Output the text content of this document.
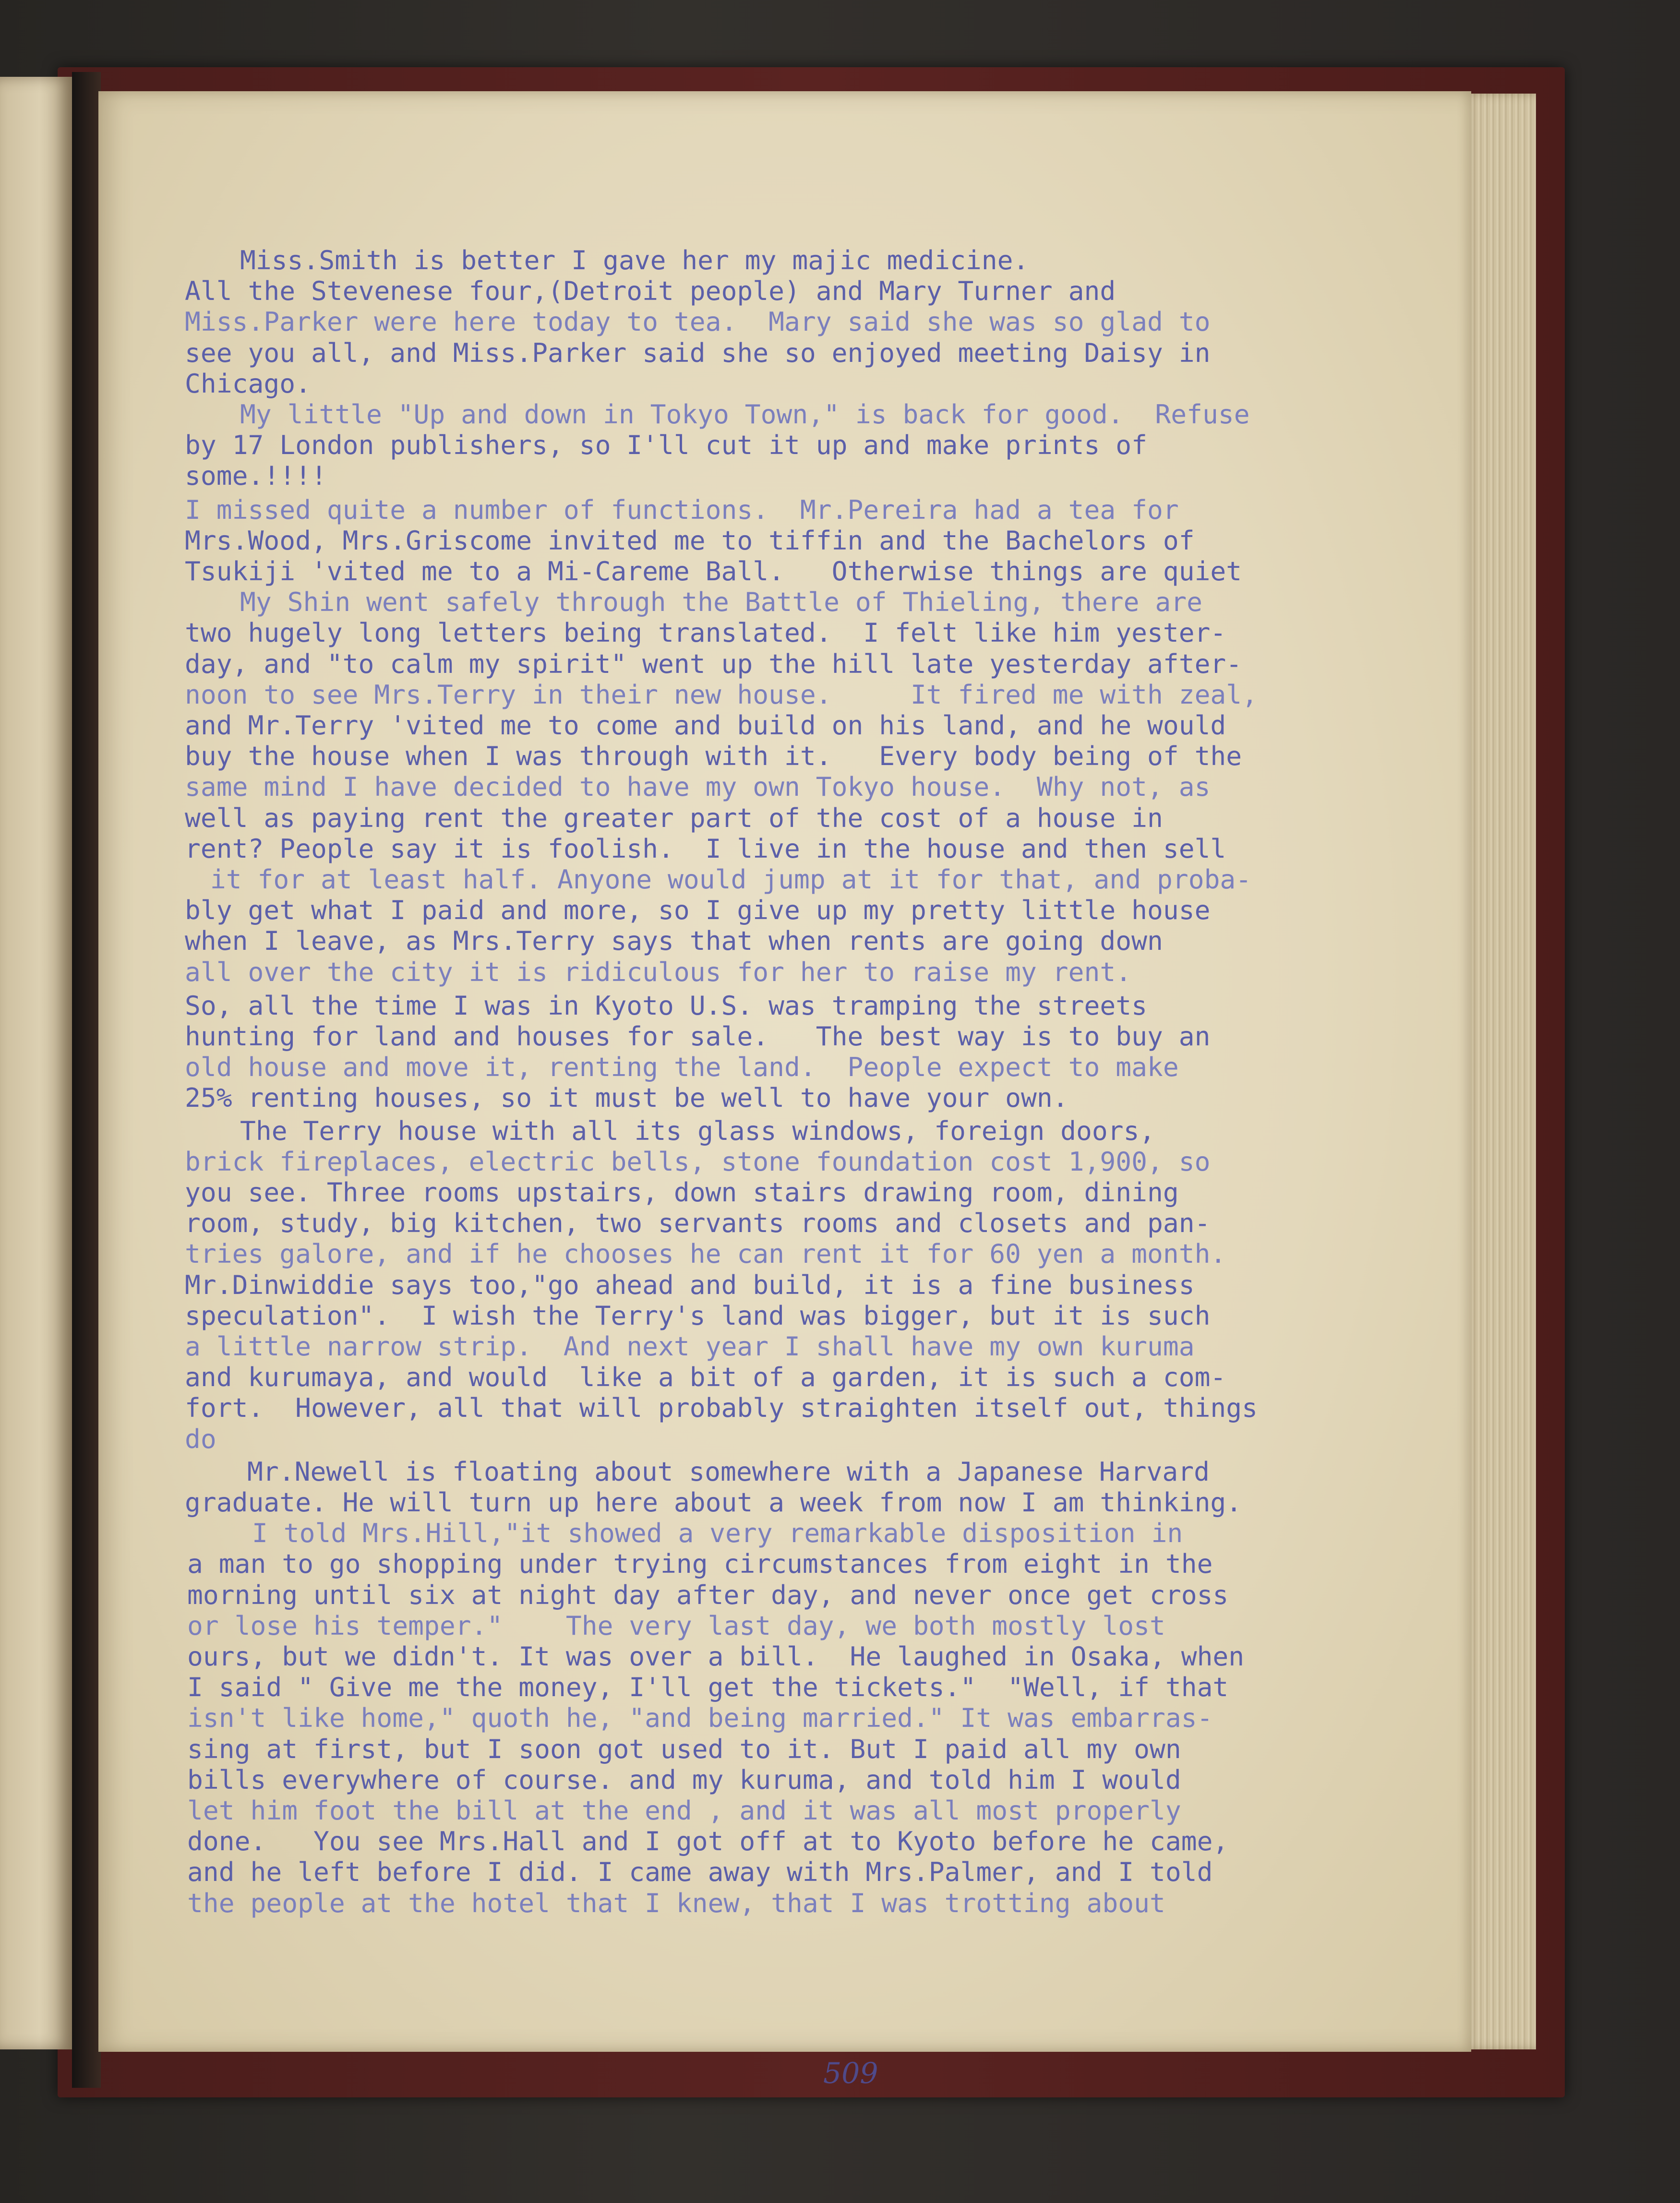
Miss.Smith is better I gave her my majic medicine.
All the Stevenese four,(Detroit people) and Mary Turner and
Miss.Parker were here today to tea.  Mary said she was so glad to
see you all, and Miss.Parker said she so enjoyed meeting Daisy in
Chicago.
My little "Up and down in Tokyo Town," is back for good.  Refuse
by 17 London publishers, so I'll cut it up and make prints of
some.!!!!
I missed quite a number of functions.  Mr.Pereira had a tea for
Mrs.Wood, Mrs.Griscome invited me to tiffin and the Bachelors of
Tsukiji 'vited me to a Mi-Careme Ball.   Otherwise things are quiet
My Shin went safely through the Battle of Thieling, there are
two hugely long letters being translated.  I felt like him yester-
day, and "to calm my spirit" went up the hill late yesterday after-
noon to see Mrs.Terry in their new house.     It fired me with zeal,
and Mr.Terry 'vited me to come and build on his land, and he would
buy the house when I was through with it.   Every body being of the
same mind I have decided to have my own Tokyo house.  Why not, as
well as paying rent the greater part of the cost of a house in
rent? People say it is foolish.  I live in the house and then sell
it for at least half. Anyone would jump at it for that, and proba-
bly get what I paid and more, so I give up my pretty little house
when I leave, as Mrs.Terry says that when rents are going down
all over the city it is ridiculous for her to raise my rent.
So, all the time I was in Kyoto U.S. was tramping the streets
hunting for land and houses for sale.   The best way is to buy an
old house and move it, renting the land.  People expect to make
25% renting houses, so it must be well to have your own.
The Terry house with all its glass windows, foreign doors,
brick fireplaces, electric bells, stone foundation cost 1,900, so
you see. Three rooms upstairs, down stairs drawing room, dining
room, study, big kitchen, two servants rooms and closets and pan-
tries galore, and if he chooses he can rent it for 60 yen a month.
Mr.Dinwiddie says too,"go ahead and build, it is a fine business
speculation".  I wish the Terry's land was bigger, but it is such
a little narrow strip.  And next year I shall have my own kuruma
and kurumaya, and would  like a bit of a garden, it is such a com-
fort.  However, all that will probably straighten itself out, things
do
Mr.Newell is floating about somewhere with a Japanese Harvard
graduate. He will turn up here about a week from now I am thinking.
I told Mrs.Hill,"it showed a very remarkable disposition in
a man to go shopping under trying circumstances from eight in the
morning until six at night day after day, and never once get cross
or lose his temper."    The very last day, we both mostly lost
ours, but we didn't. It was over a bill.  He laughed in Osaka, when
I said " Give me the money, I'll get the tickets."  "Well, if that
isn't like home," quoth he, "and being married." It was embarras-
sing at first, but I soon got used to it. But I paid all my own
bills everywhere of course. and my kuruma, and told him I would
let him foot the bill at the end , and it was all most properly
done.   You see Mrs.Hall and I got off at to Kyoto before he came,
and he left before I did. I came away with Mrs.Palmer, and I told
the people at the hotel that I knew, that I was trotting about
509
